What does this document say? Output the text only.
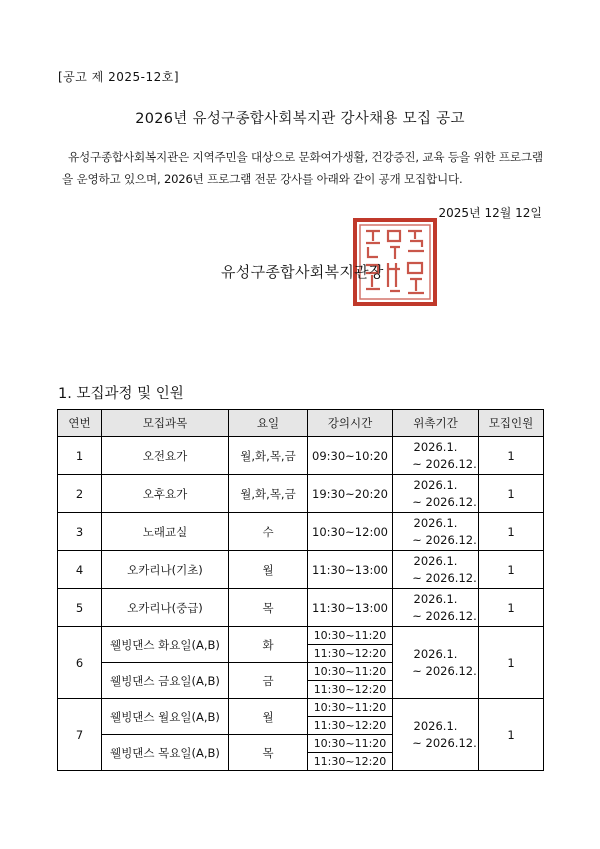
[공고 제 2025-12호]
2026년 유성구종합사회복지관 강사채용 모집 공고
유성구종합사회복지관은 지역주민을 대상으로 문화여가생활, 건강증진, 교육 등을 위한 프로그램을 운영하고 있으며, 2026년 프로그램 전문 강사를 아래와 같이 공개 모집합니다.
2025년 12월 12일
유성구종합사회복지관장
1. 모집과정 및 인원
연번	모집과목	요일	강의시간	위촉기간	모집인원
1	오전요가	월,화,목,금	09:30~10:20	2026.1.
~ 2026.12.	1
2	오후요가	월,화,목,금	19:30~20:20	2026.1.
~ 2026.12.	1
3	노래교실	수	10:30~12:00	2026.1.
~ 2026.12.	1
4	오카리나(기초)	월	11:30~13:00	2026.1.
~ 2026.12.	1
5	오카리나(중급)	목	11:30~13:00	2026.1.
~ 2026.12.	1
6	웰빙댄스 화요일(A,B)	화	10:30~11:20	2026.1.
~ 2026.12.	1
			11:30~12:20		
	웰빙댄스 금요일(A,B)	금	10:30~11:20		
			11:30~12:20		
7	웰빙댄스 월요일(A,B)	월	10:30~11:20	2026.1.
~ 2026.12.	1
			11:30~12:20		
	웰빙댄스 목요일(A,B)	목	10:30~11:20		
			11:30~12:20		
